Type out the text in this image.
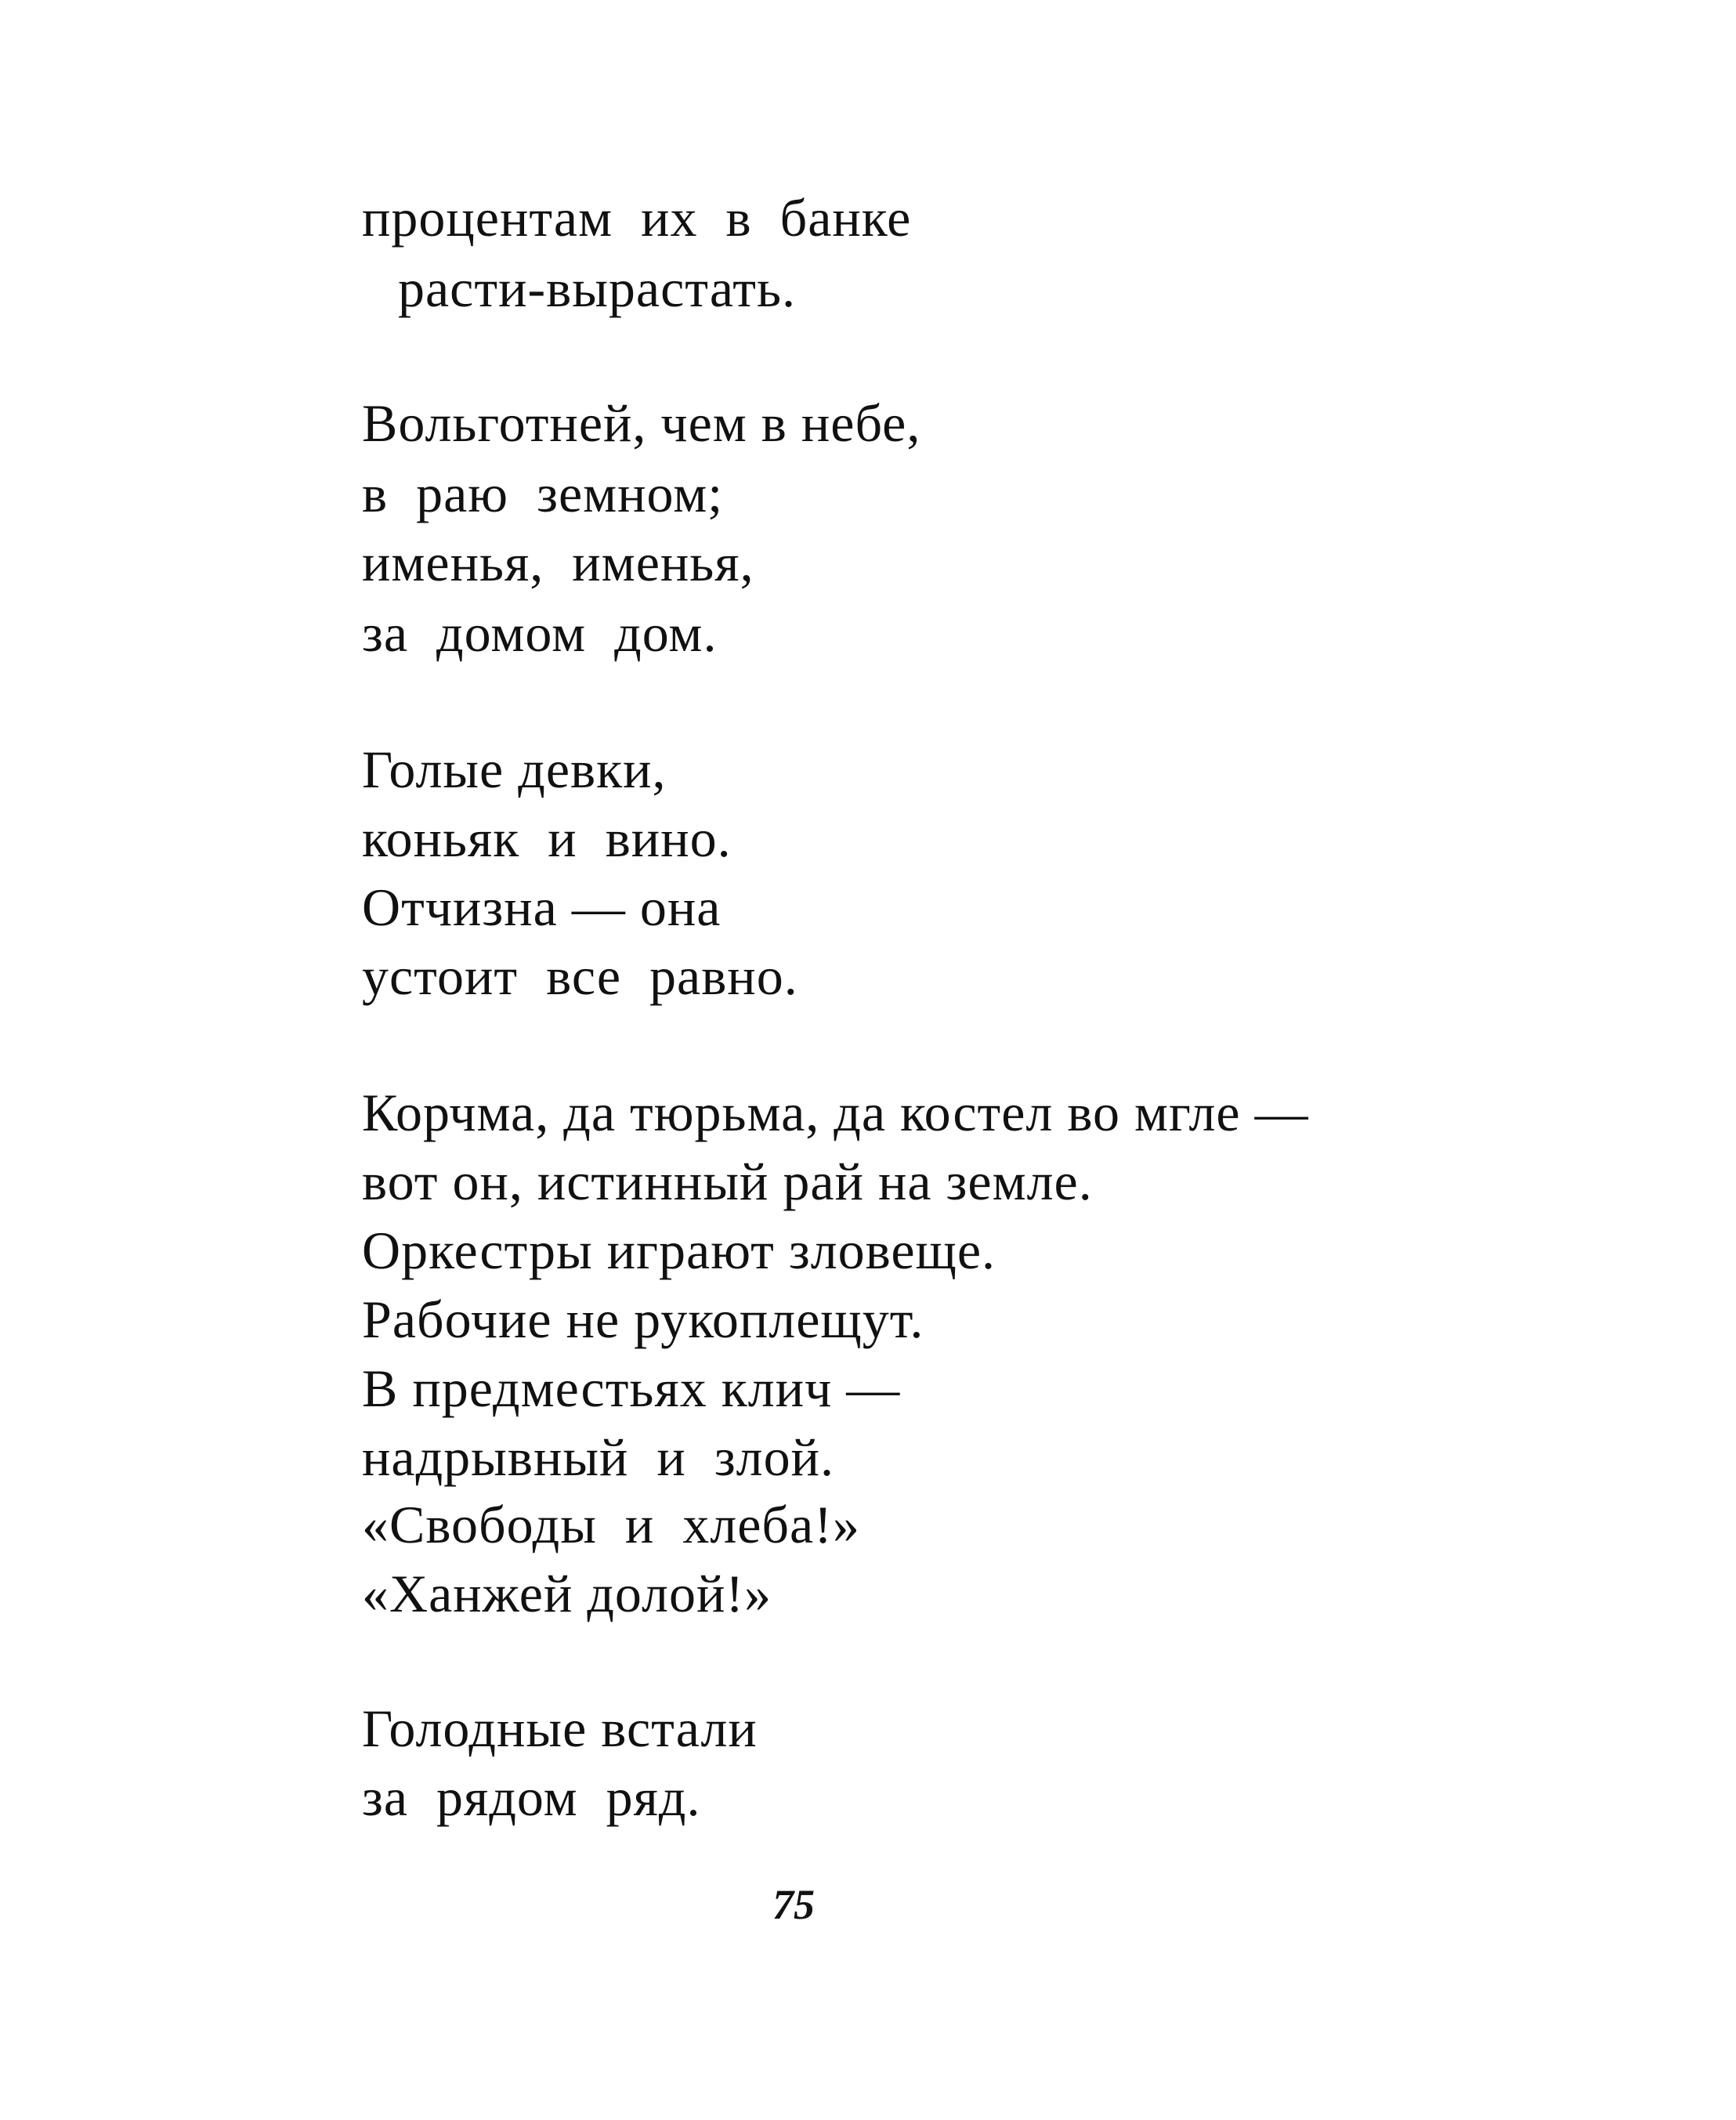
процентам  их  в  банке
расти-вырастать.
Вольготней, чем в небе,
в  раю  земном;
именья,  именья,
за  домом  дом.
Голые девки,
коньяк  и  вино.
Отчизна — она
устоит  все  равно.
Корчма, да тюрьма, да костел во мгле —
вот он, истинный рай на земле.
Оркестры играют зловеще.
Рабочие не рукоплещут.
В предместьях клич —
надрывный  и  злой.
«Свободы  и  хлеба!»
«Ханжей долой!»
Голодные встали
за  рядом  ряд.
75
